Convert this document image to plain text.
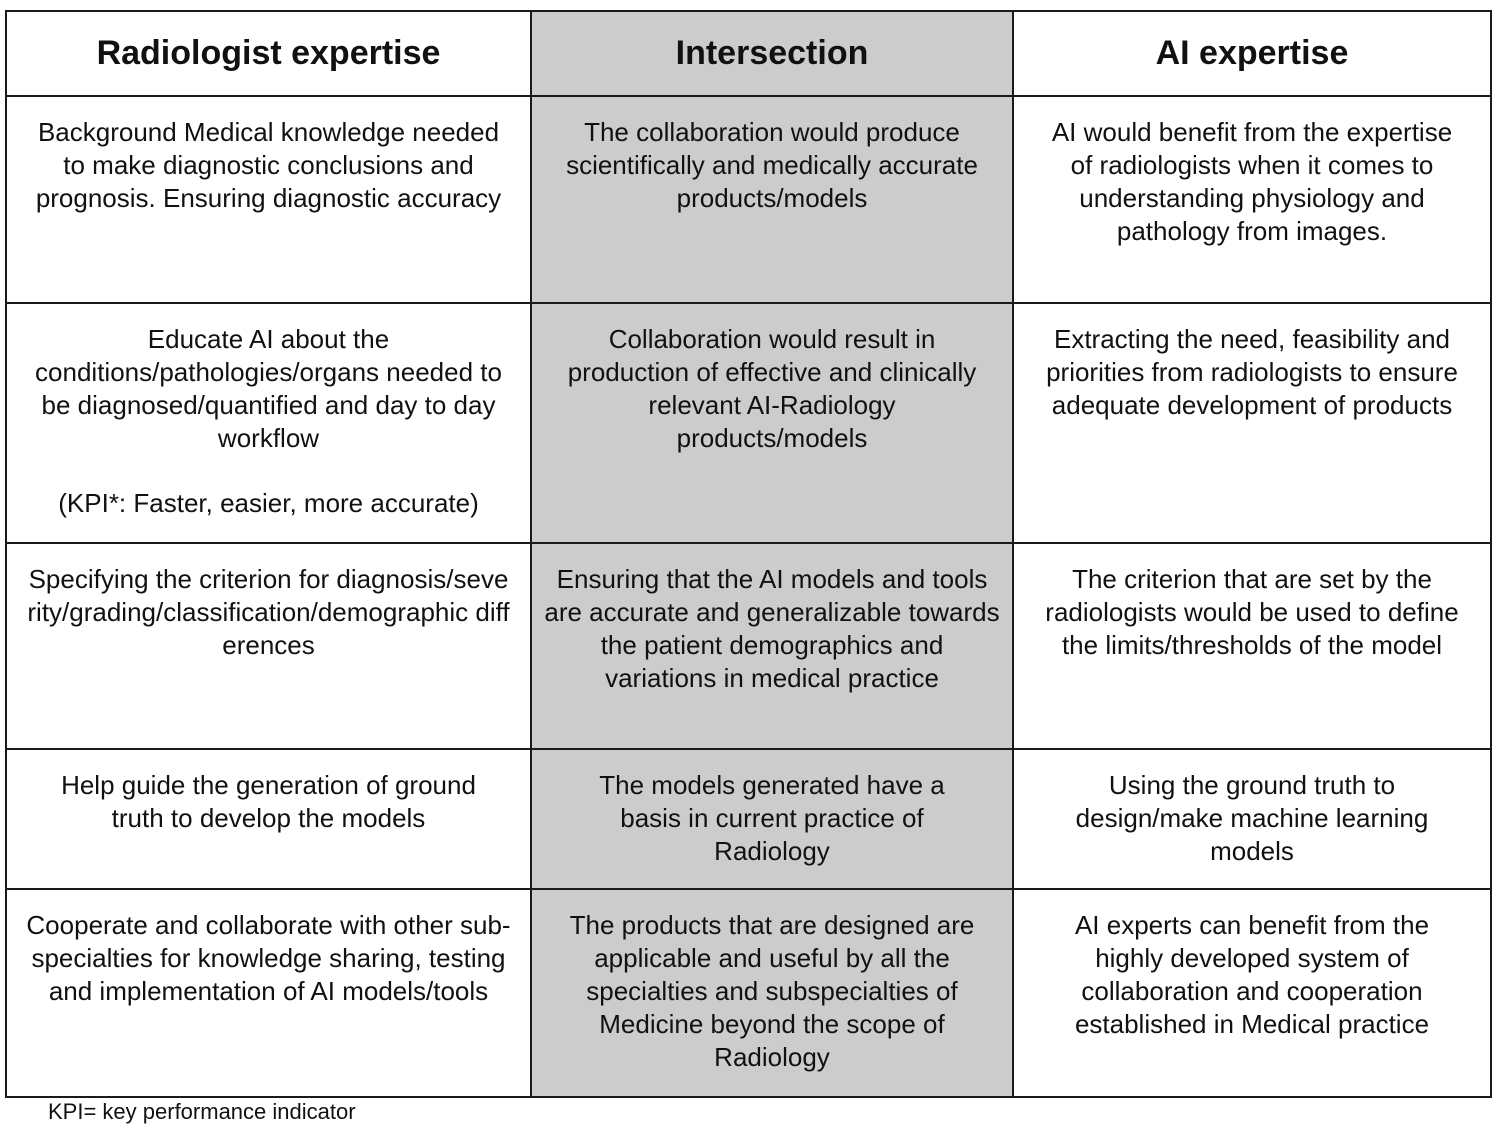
Radiologist expertise	Intersection	AI expertise
Background Medical knowledge needed to make diagnostic conclusions and prognosis. Ensuring diagnostic accuracy	The collaboration would produce scientifically and medically accurate products/models	AI would benefit from the expertise of radiologists when it comes to understanding physiology and pathology from images.

Educate AI about the conditions/pathologies/organs needed to be diagnosed/quantified and day to day workflow
(KPI*: Faster, easier, more accurate)	Collaboration would result in production of effective and clinically relevant AI-Radiology products/models	Extracting the need, feasibility and priorities from radiologists to ensure adequate development of products
Specifying the criterion for diagnosis/severity/grading/classification/demographic differences	Ensuring that the AI models and tools are accurate and generalizable towards the patient demographics and variations in medical practice	The criterion that are set by the radiologists would be used to define the limits/thresholds of the model
Help guide the generation of ground truth to develop the models	The models generated have a basis in current practice of Radiology	Using the ground truth to design/make machine learning models
Cooperate and collaborate with other sub-specialties for knowledge sharing, testing and implementation of AI models/tools	The products that are designed are applicable and useful by all the specialties and subspecialties of Medicine beyond the scope of Radiology	AI experts can benefit from the highly developed system of collaboration and cooperation established in Medical practice
KPI= key performance indicator
